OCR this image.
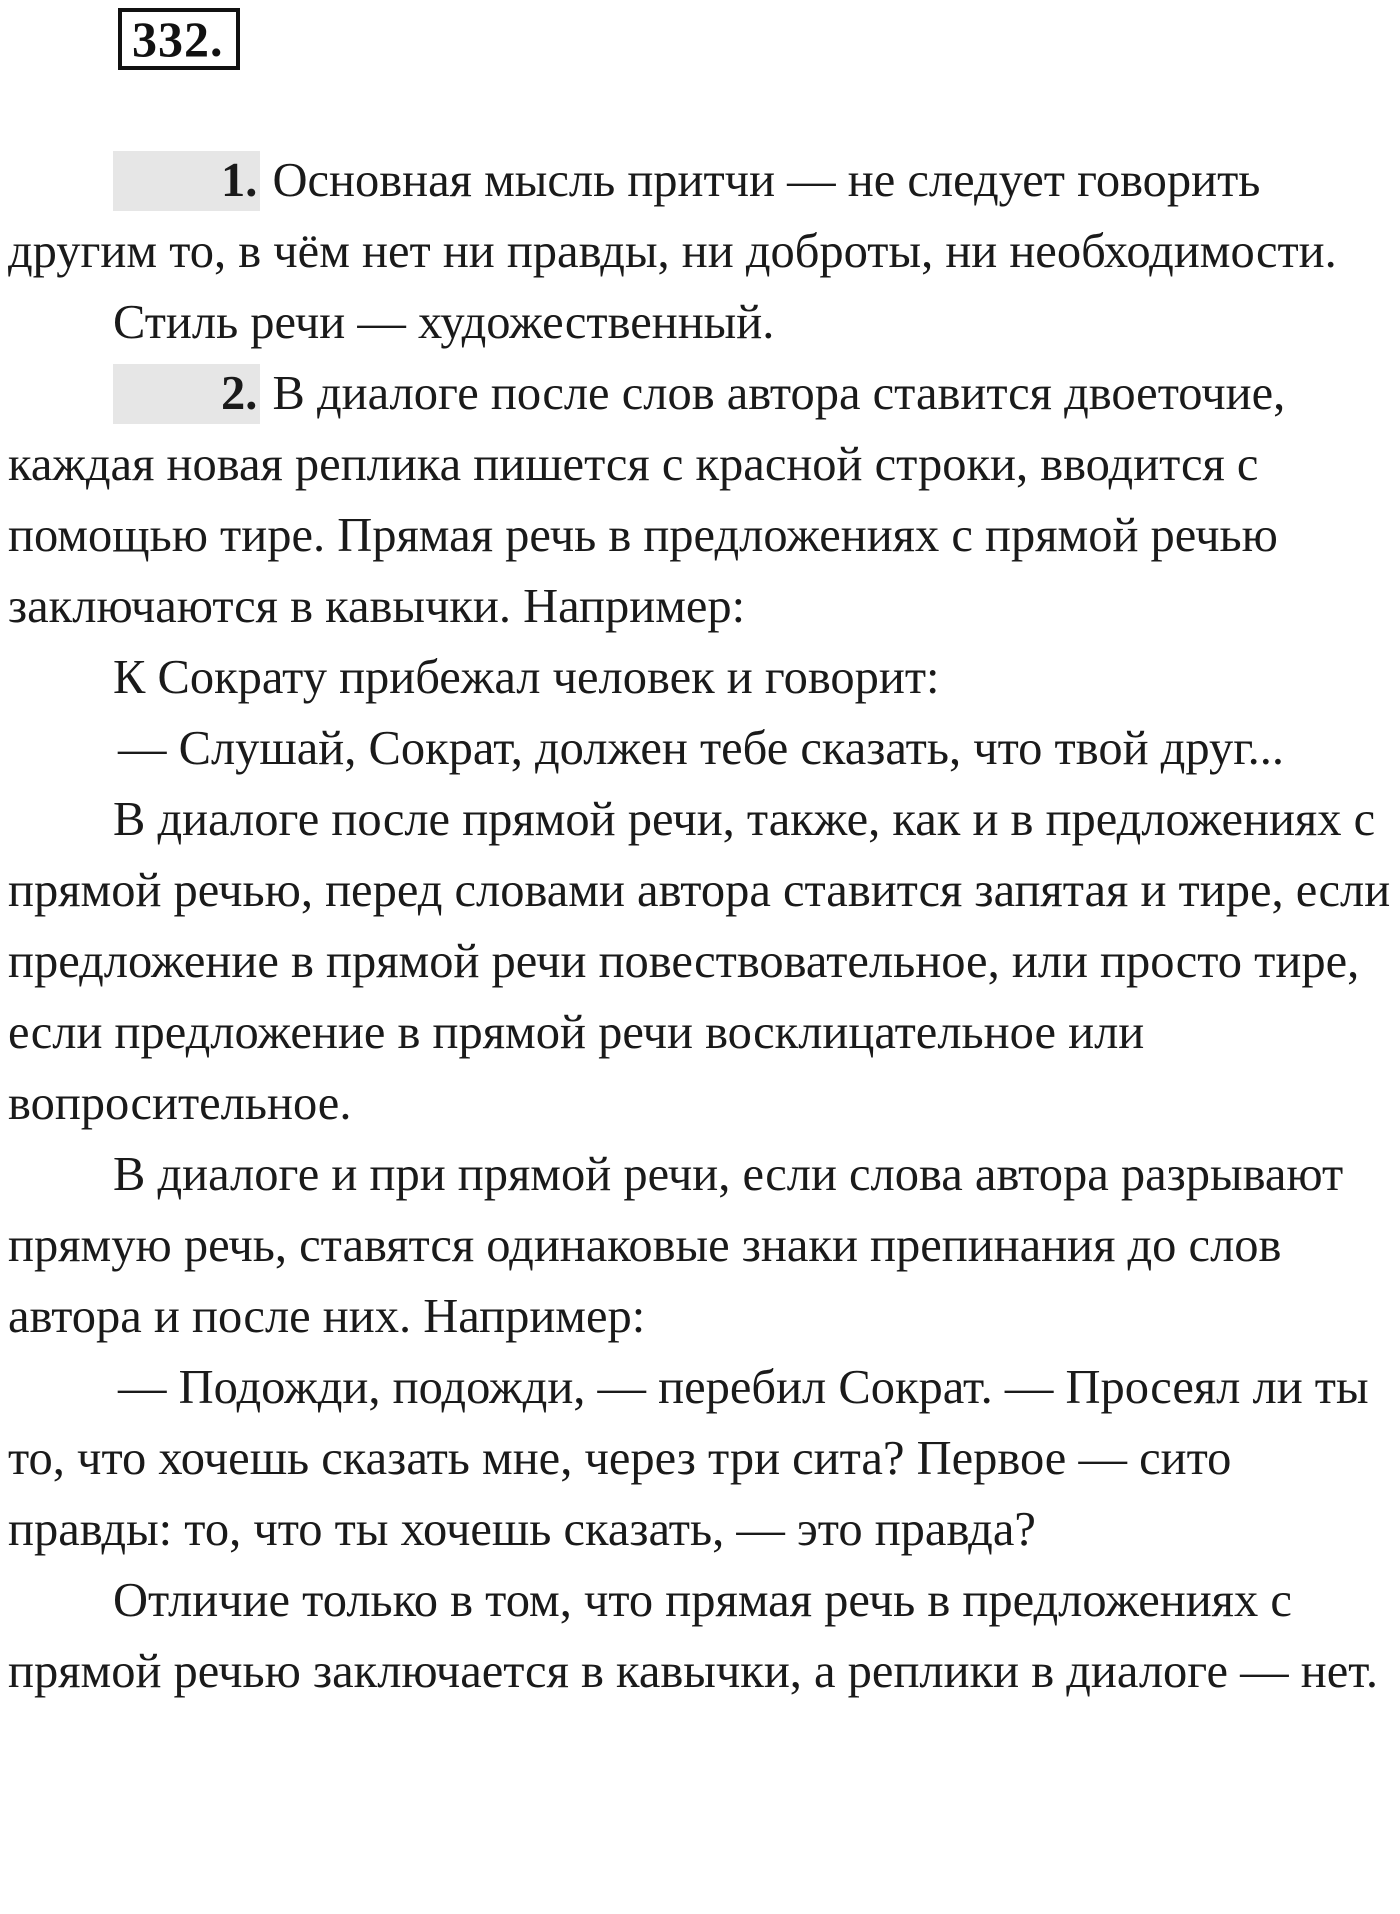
332.

1. Основная мысль притчи — не следует говорить другим то, в чём нет ни правды, ни доброты, ни необходимости.

Стиль речи — художественный.

2. В диалоге после слов автора ставится двоеточие, каждая новая реплика пишется с красной строки, вводится с помощью тире. Прямая речь в предложениях с прямой речью заключаются в кавычки. Например:

К Сократу прибежал человек и говорит:

— Слушай, Сократ, должен тебе сказать, что твой друг...

В диалоге после прямой речи, также, как и в предложениях с прямой речью, перед словами автора ставится запятая и тире, если предложение в прямой речи повествовательное, или просто тире, если предложение в прямой речи восклицательное или вопросительное.

В диалоге и при прямой речи, если слова автора разрывают прямую речь, ставятся одинаковые знаки препинания до слов автора и после них. Например:

— Подожди, подожди, — перебил Сократ. — Просеял ли ты то, что хочешь сказать мне, через три сита? Первое — сито правды: то, что ты хочешь сказать, — это правда?

Отличие только в том, что прямая речь в предложениях с прямой речью заключается в кавычки, а реплики в диалоге — нет.
